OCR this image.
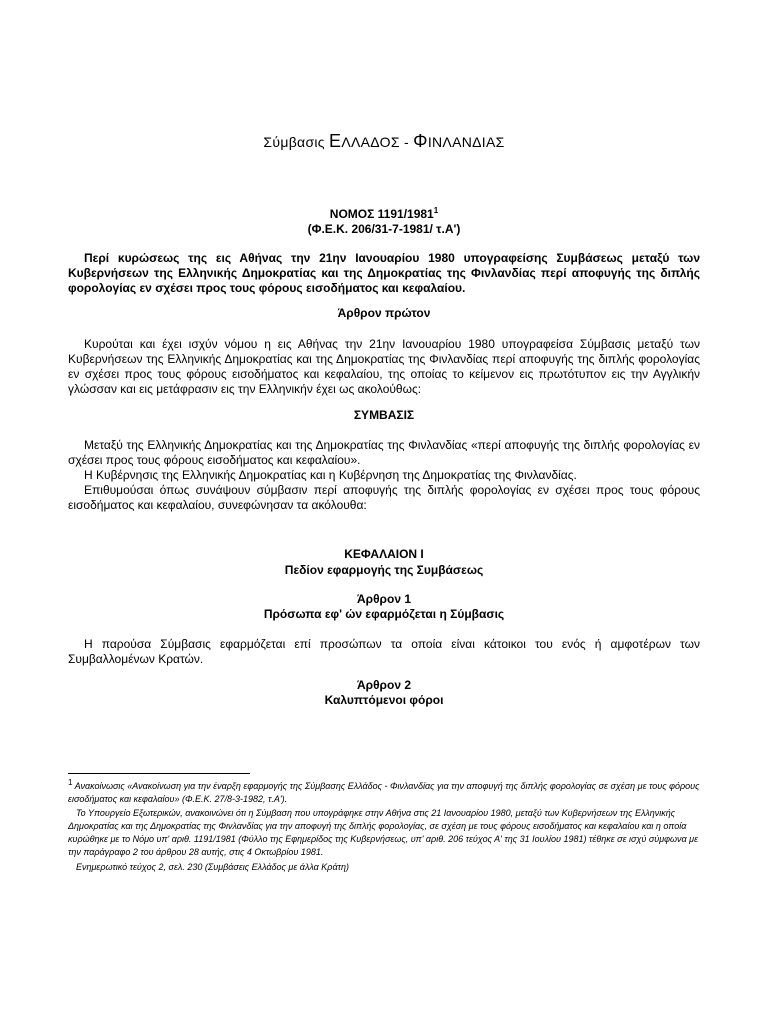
Σύμβασις ΕΛΛΑΔΟΣ - ΦΙΝΛΑΝΔΙΑΣ
ΝΟΜΟΣ 1191/1981$^1$
(Φ.Ε.Κ. 206/31-7-1981/ τ.Α')
Περί κυρώσεως της εις Αθήνας την 21ην Ιανουαρίου 1980 υπογραφείσης Συμβάσεως μεταξύ των Κυβερνήσεων της Ελληνικής Δημοκρατίας και της Δημοκρατίας της Φινλανδίας περί αποφυγής της διπλής φορολογίας εν σχέσει προς τους φόρους εισοδήματος και κεφαλαίου.
Άρθρον πρώτον
Κυρούται και έχει ισχύν νόμου η εις Αθήνας την 21ην Ιανουαρίου 1980 υπογραφείσα Σύμβασις μεταξύ των Κυβερνήσεων της Ελληνικής Δημοκρατίας και της Δημοκρατίας της Φινλανδίας περί αποφυγής της διπλής φορολογίας εν σχέσει προς τους φόρους εισοδήματος και κεφαλαίου, της οποίας το κείμενον εις πρωτότυπον εις την Αγγλικήν γλώσσαν και εις μετάφρασιν εις την Ελληνικήν έχει ως ακολούθως:
ΣΥΜΒΑΣΙΣ
Μεταξύ της Ελληνικής Δημοκρατίας και της Δημοκρατίας της Φινλανδίας «περί αποφυγής της διπλής φορολογίας εν σχέσει προς τους φόρους εισοδήματος και κεφαλαίου».
Η Κυβέρνησις της Ελληνικής Δημοκρατίας και η Κυβέρνηση της Δημοκρατίας της Φινλανδίας.
Επιθυμούσαι όπως συνάψουν σύμβασιν περί αποφυγής της διπλής φορολογίας εν σχέσει προς τους φόρους εισοδήματος και κεφαλαίου, συνεφώνησαν τα ακόλουθα:
ΚΕΦΑΛΑΙΟΝ Ι
Πεδίον εφαρμογής της Συμβάσεως
Άρθρον 1
Πρόσωπα εφ' ών εφαρμόζεται η Σύμβασις
Η παρούσα Σύμβασις εφαρμόζεται επί προσώπων τα οποία είναι κάτοικοι του ενός ή αμφοτέρων των Συμβαλλομένων Κρατών.
Άρθρον 2
Καλυπτόμενοι φόροι
1 Ανακοίνωσις «Ανακοίνωση για την έναρξη εφαρμογής της Σύμβασης Ελλάδος - Φινλανδίας για την αποφυγή της διπλής φορολογίας σε σχέση με τους φόρους εισοδήματος και κεφαλαίου» (Φ.Ε.Κ. 27/8-3-1982, τ.Α').
Το Υπουργείο Εξωτερικών, ανακοινώνει ότι η Σύμβαση που υπογράφηκε στην Αθήνα στις 21 Ιανουαρίου 1980, μεταξύ των Κυβερνήσεων της Ελληνικής Δημοκρατίας και της Δημοκρατίας της Φινλανδίας για την αποφυγή της διπλής φορολογίας, σε σχέση με τους φόρους εισοδήματος και κεφαλαίου και η οποία κυρώθηκε με το Νόμο υπ' αριθ. 1191/1981 (Φύλλο της Εφημερίδος της Κυβερνήσεως, υπ' αριθ. 206 τεύχος Α' της 31 Ιουλίου 1981) τέθηκε σε ισχύ σύμφωνα με την παράγραφο 2 του άρθρου 28 αυτής, στις 4 Οκτωβρίου 1981.
Ενημερωτικό τεύχος 2, σελ. 230 (Συμβάσεις Ελλάδος με άλλα Κράτη)
